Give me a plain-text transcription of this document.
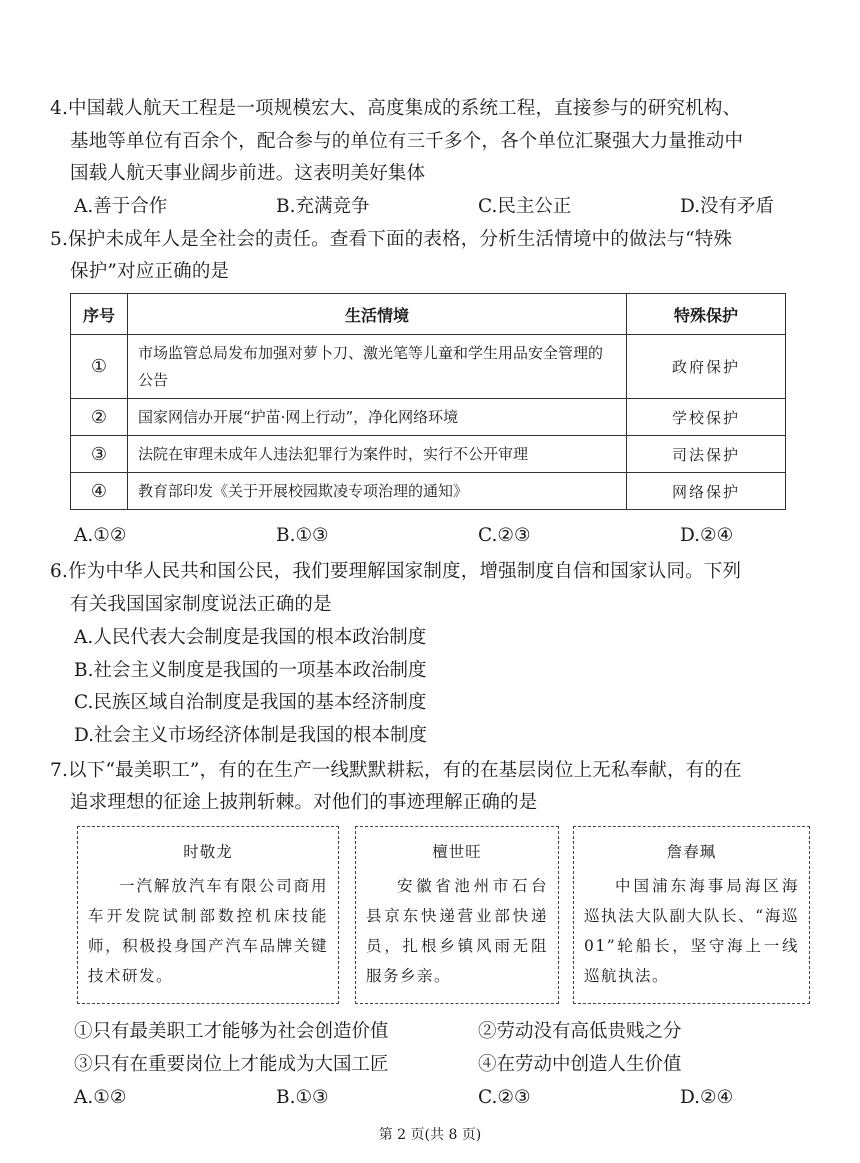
4.中国载人航天工程是一项规模宏大、高度集成的系统工程，直接参与的研究机构、
基地等单位有百余个，配合参与的单位有三千多个，各个单位汇聚强大力量推动中
国载人航天事业阔步前进。这表明美好集体
A.善于合作	B.充满竞争	C.民主公正	D.没有矛盾
5.保护未成年人是全社会的责任。查看下面的表格，分析生活情境中的做法与“特殊
保护”对应正确的是
序号	生活情境	特殊保护
①	市场监管总局发布加强对萝卜刀、激光笔等儿童和学生用品安全管理的公告	政府保护
②	国家网信办开展“护苗·网上行动”，净化网络环境	学校保护
③	法院在审理未成年人违法犯罪行为案件时，实行不公开审理	司法保护
④	教育部印发《关于开展校园欺凌专项治理的通知》	网络保护
A.①②	B.①③	C.②③	D.②④
6.作为中华人民共和国公民，我们要理解国家制度，增强制度自信和国家认同。下列
有关我国国家制度说法正确的是
A.人民代表大会制度是我国的根本政治制度
B.社会主义制度是我国的一项基本政治制度
C.民族区域自治制度是我国的基本经济制度
D.社会主义市场经济体制是我国的根本制度
7.以下“最美职工”，有的在生产一线默默耕耘，有的在基层岗位上无私奉献，有的在
追求理想的征途上披荆斩棘。对他们的事迹理解正确的是
时敬龙
一汽解放汽车有限公司商用车开发院试制部数控机床技能师，积极投身国产汽车品牌关键技术研发。
檀世旺
安徽省池州市石台县京东快递营业部快递员，扎根乡镇风雨无阻服务乡亲。
詹春珮
中国浦东海事局海区海巡执法大队副大队长、“海巡01”轮船长，坚守海上一线巡航执法。
①只有最美职工才能够为社会创造价值	②劳动没有高低贵贱之分
③只有在重要岗位上才能成为大国工匠	④在劳动中创造人生价值
A.①②	B.①③	C.②③	D.②④
第 2 页(共 8 页)
